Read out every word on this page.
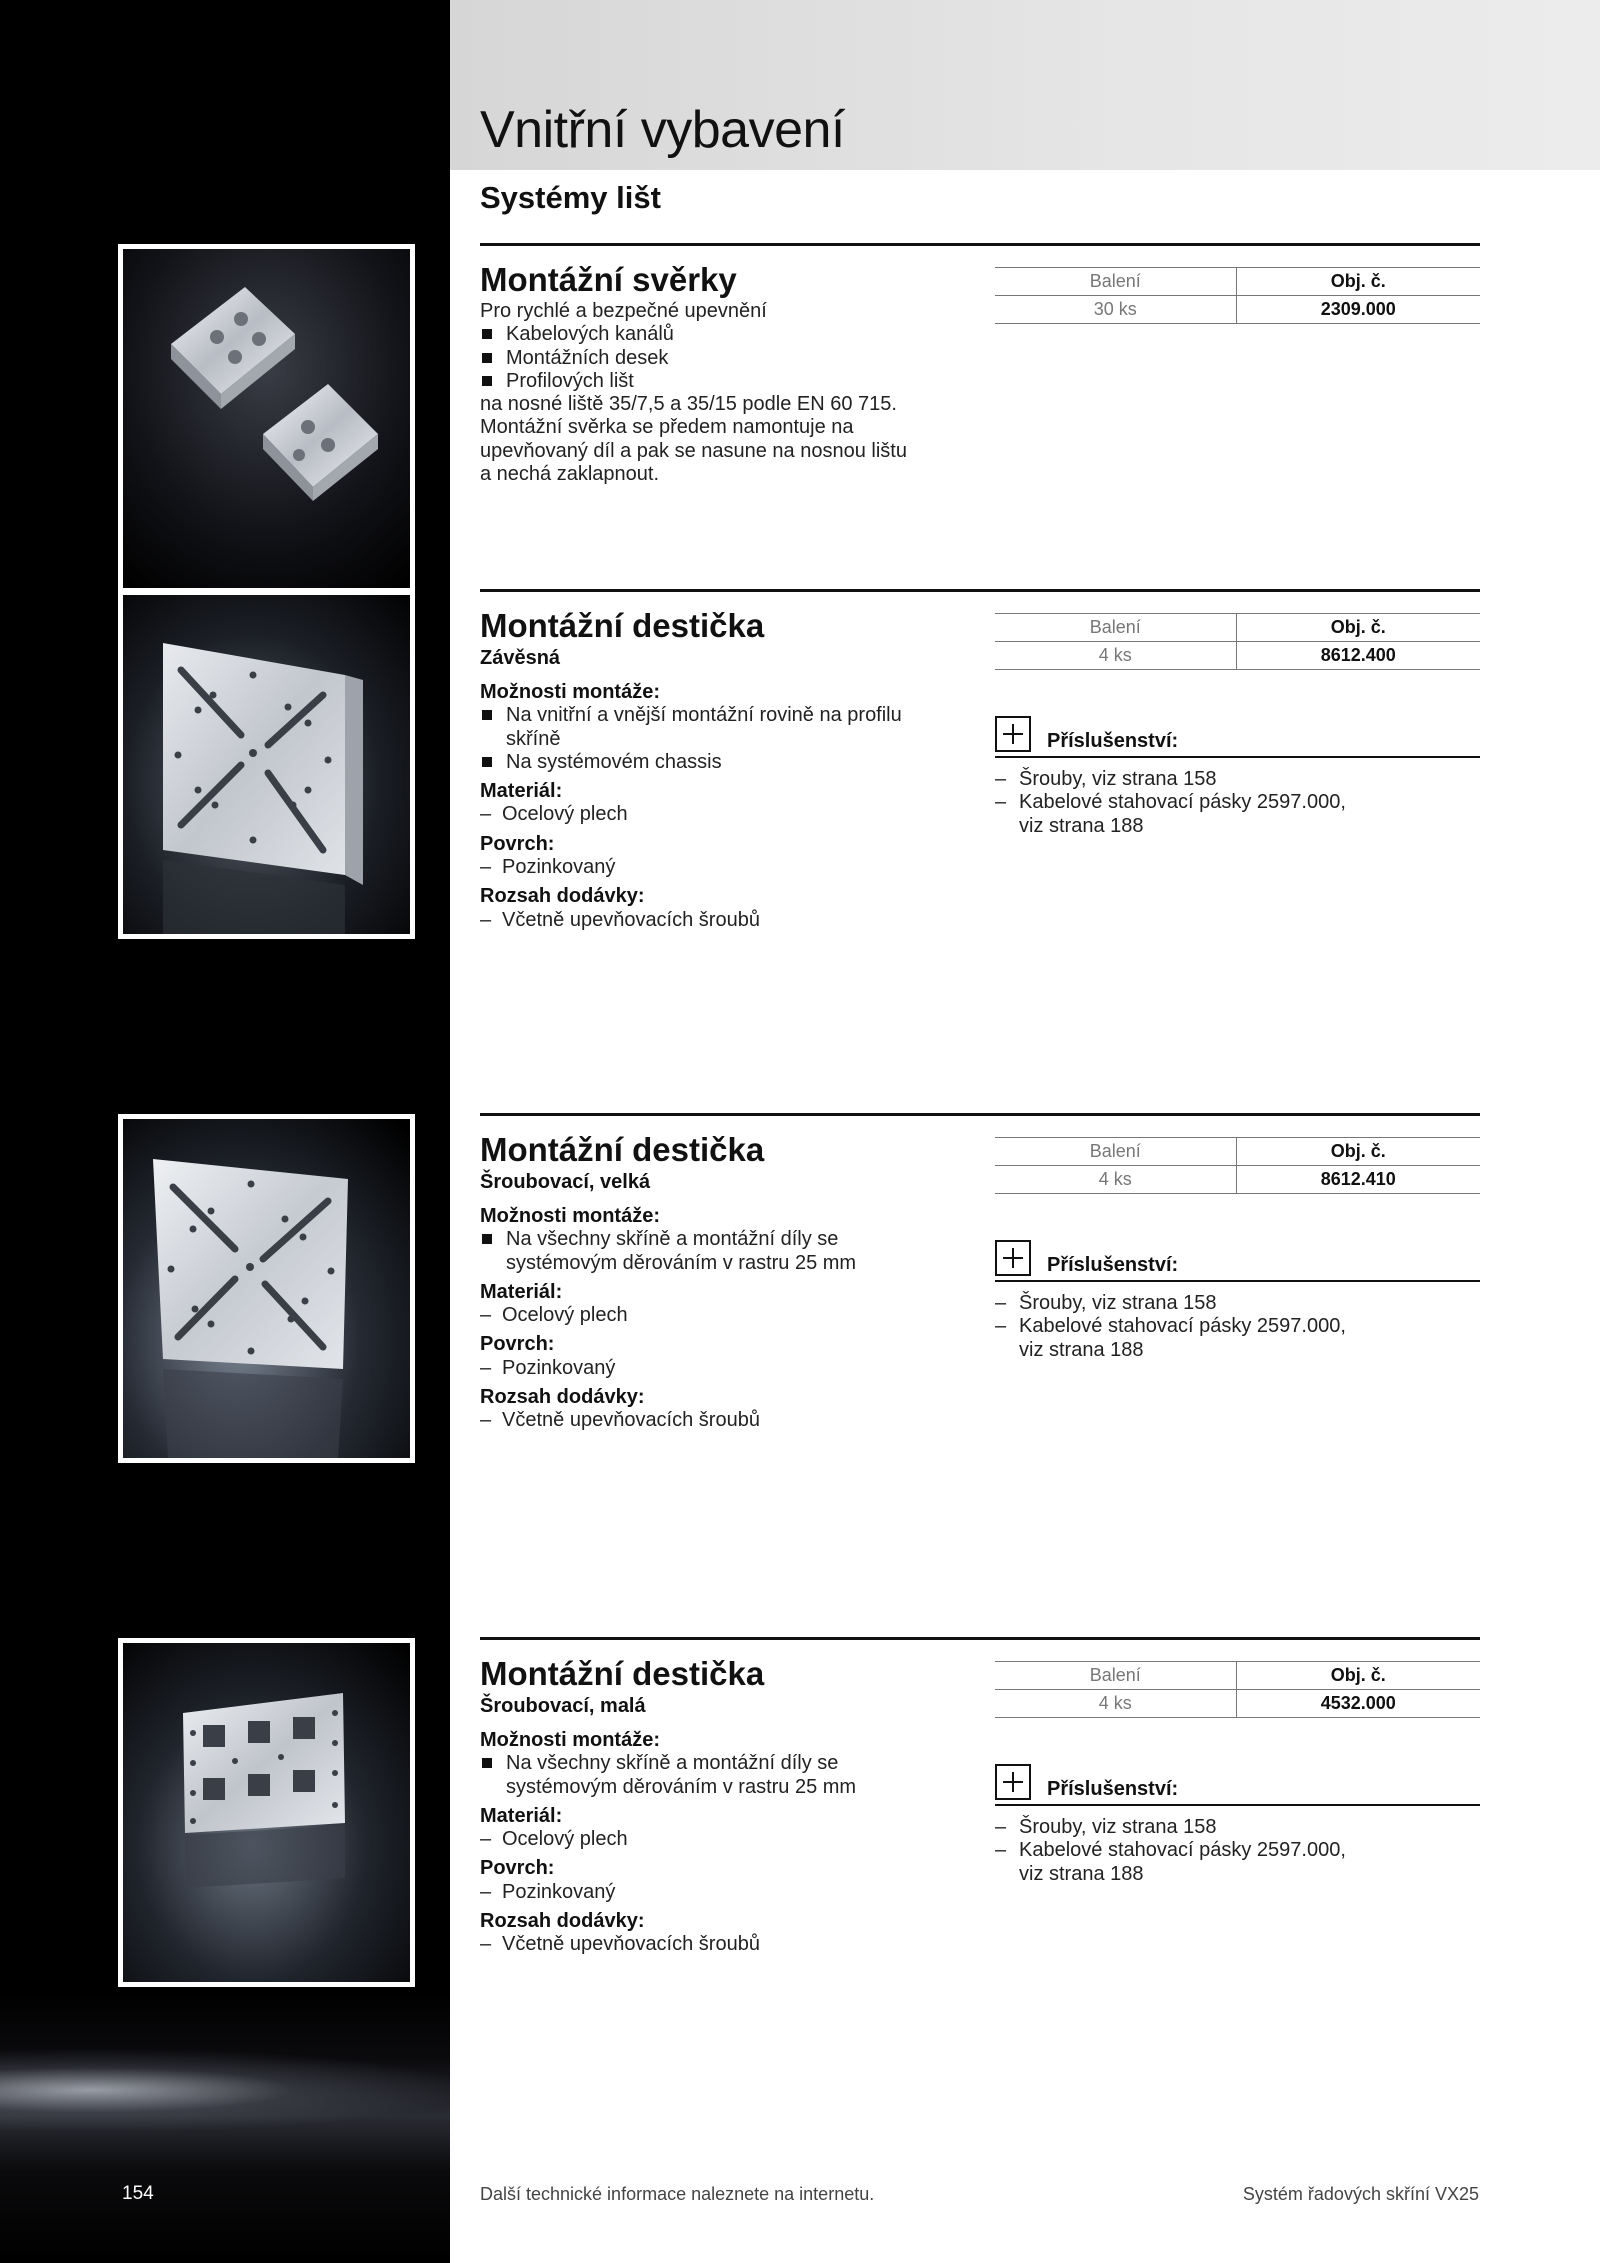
Vnitřní vybavení
Systémy lišt
Montážní svěrky
Pro rychlé a bezpečné upevnění
Kabelových kanálů
Montážních desek
Profilových lišt
na nosné liště 35/7,5 a 35/15 podle EN 60 715.
Montážní svěrka se předem namontuje na
upevňovaný díl a pak se nasune na nosnou lištu
a nechá zaklapnout.
Balení	Obj. č.
30 ks	2309.000
Montážní destička
Závěsná
Možnosti montáže:
Na vnitřní a vnější montážní rovině na profilu
skříně
Na systémovém chassis
Materiál:
– Ocelový plech
Povrch:
– Pozinkovaný
Rozsah dodávky:
– Včetně upevňovacích šroubů
Balení	Obj. č.
4 ks	8612.400
Příslušenství:
– Šrouby, viz strana 158
– Kabelové stahovací pásky 2597.000,
viz strana 188
Montážní destička
Šroubovací, velká
Možnosti montáže:
Na všechny skříně a montážní díly se
systémovým děrováním v rastru 25 mm
Materiál:
– Ocelový plech
Povrch:
– Pozinkovaný
Rozsah dodávky:
– Včetně upevňovacích šroubů
Balení	Obj. č.
4 ks	8612.410
Příslušenství:
– Šrouby, viz strana 158
– Kabelové stahovací pásky 2597.000,
viz strana 188
Montážní destička
Šroubovací, malá
Možnosti montáže:
Na všechny skříně a montážní díly se
systémovým děrováním v rastru 25 mm
Materiál:
– Ocelový plech
Povrch:
– Pozinkovaný
Rozsah dodávky:
– Včetně upevňovacích šroubů
Balení	Obj. č.
4 ks	4532.000
Příslušenství:
– Šrouby, viz strana 158
– Kabelové stahovací pásky 2597.000,
viz strana 188
154	Další technické informace naleznete na internetu.	Systém řadových skříní VX25
